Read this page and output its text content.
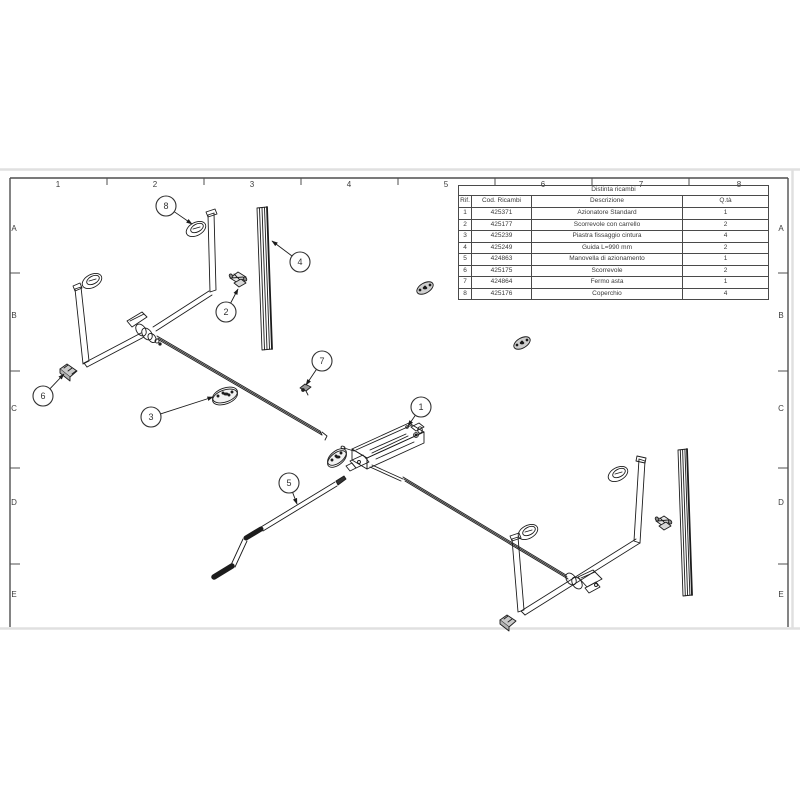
1	2	3	4	5	6	7	8
A	A
B	B
C	C
D	D
E	E
8
4
2
6
3
7
1
5
Distinta ricambi			
Rif.	Cod. Ricambi	Descrizione	Q.tà
1	425371	Azionatore Standard	1
2	425177	Scorrevole con carrello	2
3	425239	Piastra fissaggio cintura	4
4	425249	Guida L=990 mm	2
5	424863	Manovella di azionamento	1
6	425175	Scorrevole	2
7	424864	Fermo asta	1
8	425176	Coperchio	4
